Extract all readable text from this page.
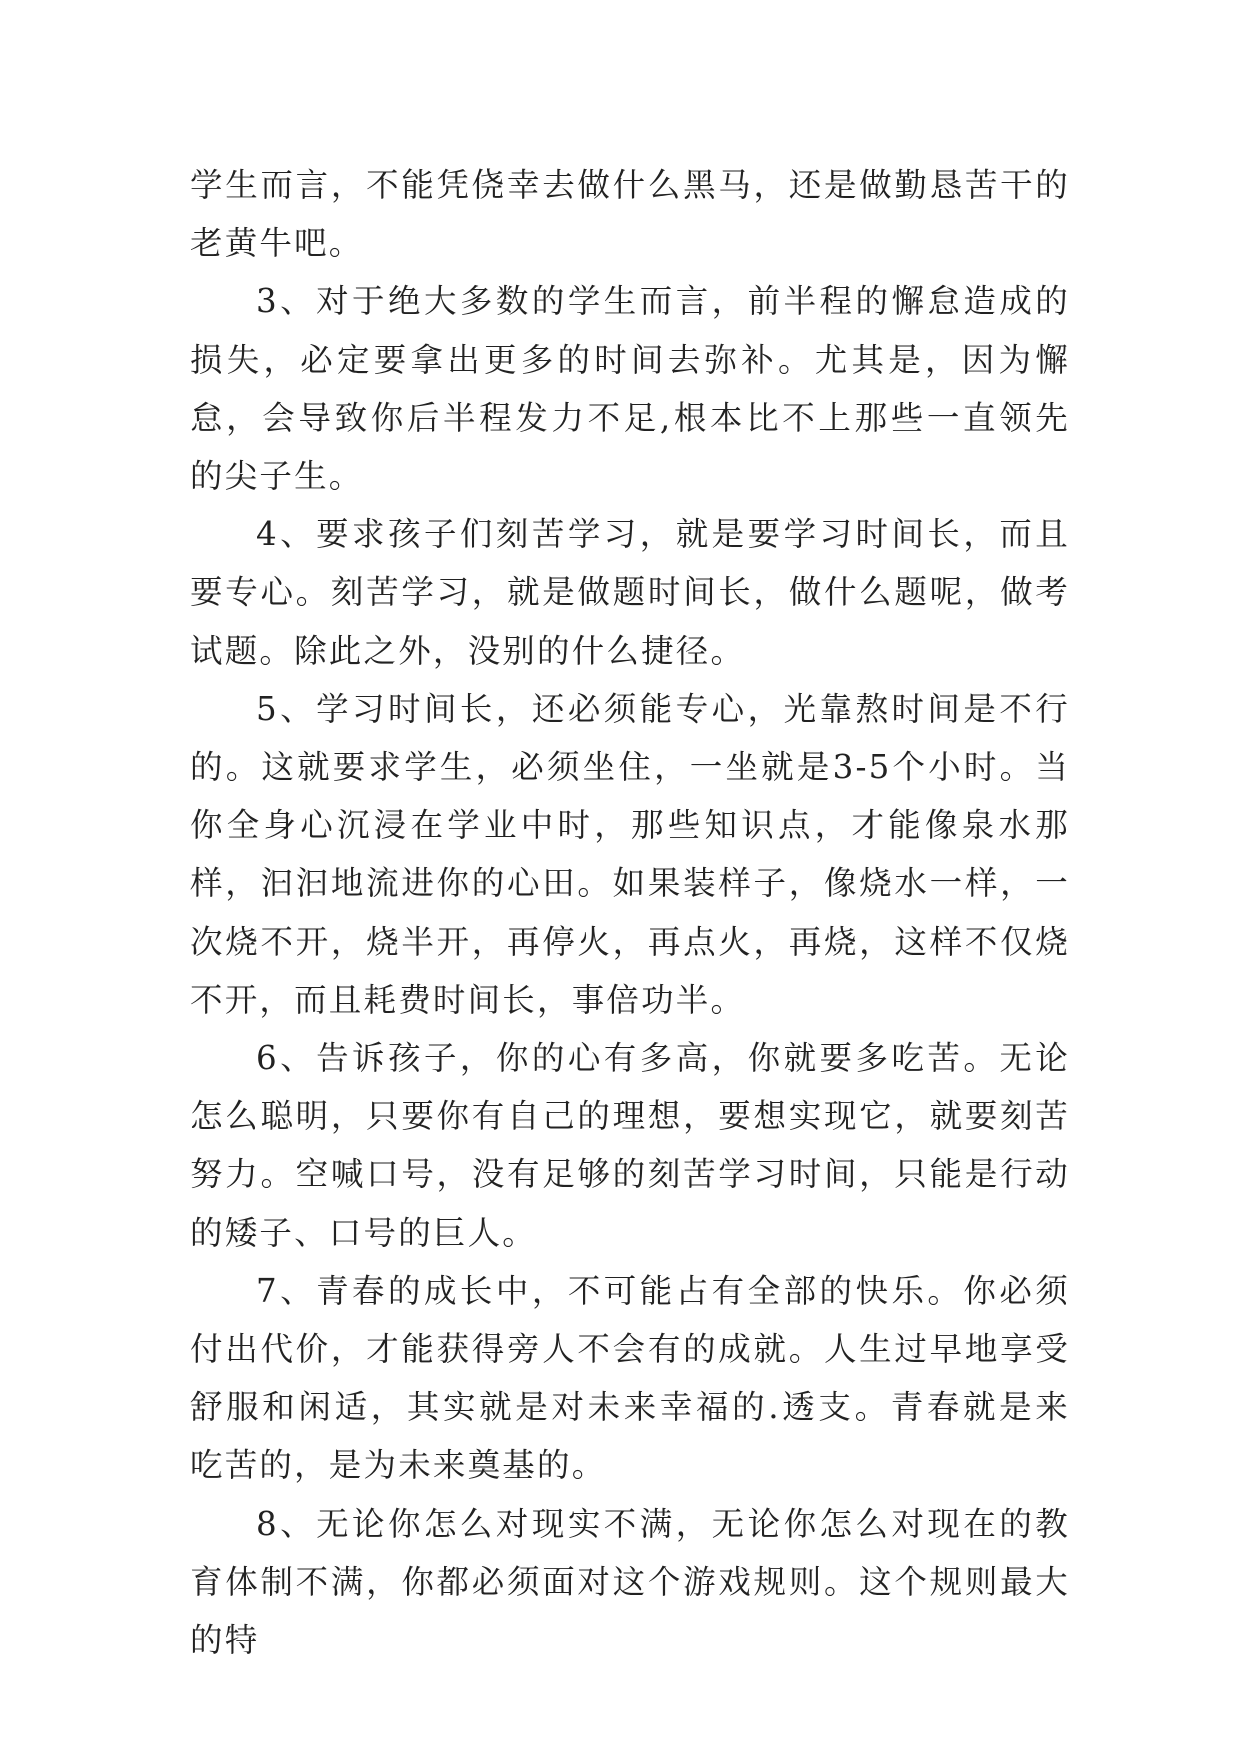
学生而言，不能凭侥幸去做什么黑马，还是做勤恳苦干的老黄牛吧。

3、对于绝大多数的学生而言，前半程的懈怠造成的损失，必定要拿出更多的时间去弥补。尤其是，因为懈怠，会导致你后半程发力不足,根本比不上那些一直领先的尖子生。

4、要求孩子们刻苦学习，就是要学习时间长，而且要专心。刻苦学习，就是做题时间长，做什么题呢，做考试题。除此之外，没别的什么捷径。

5、学习时间长，还必须能专心，光靠熬时间是不行的。这就要求学生，必须坐住，一坐就是3-5个小时。当你全身心沉浸在学业中时，那些知识点，才能像泉水那样，汩汩地流进你的心田。如果装样子，像烧水一样，一次烧不开，烧半开，再停火，再点火，再烧，这样不仅烧不开，而且耗费时间长，事倍功半。

6、告诉孩子，你的心有多高，你就要多吃苦。无论怎么聪明，只要你有自己的理想，要想实现它，就要刻苦努力。空喊口号，没有足够的刻苦学习时间，只能是行动的矮子、口号的巨人。

7、青春的成长中，不可能占有全部的快乐。你必须付出代价，才能获得旁人不会有的成就。人生过早地享受舒服和闲适，其实就是对未来幸福的.透支。青春就是来吃苦的，是为未来奠基的。

8、无论你怎么对现实不满，无论你怎么对现在的教育体制不满，你都必须面对这个游戏规则。这个规则最大的特
